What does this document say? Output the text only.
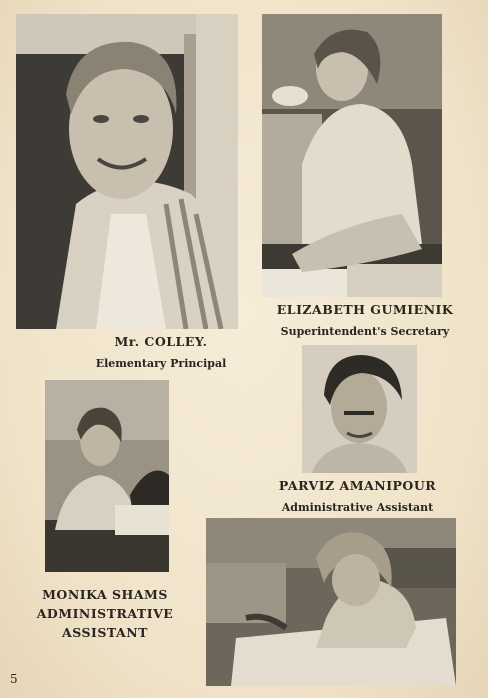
Mr. COLLEY.
Elementary Principal
ELIZABETH GUMIENIK
Superintendent's Secretary
PARVIZ AMANIPOUR
Administrative Assistant
MONIKA SHAMS
ADMINISTRATIVE
ASSISTANT
5
